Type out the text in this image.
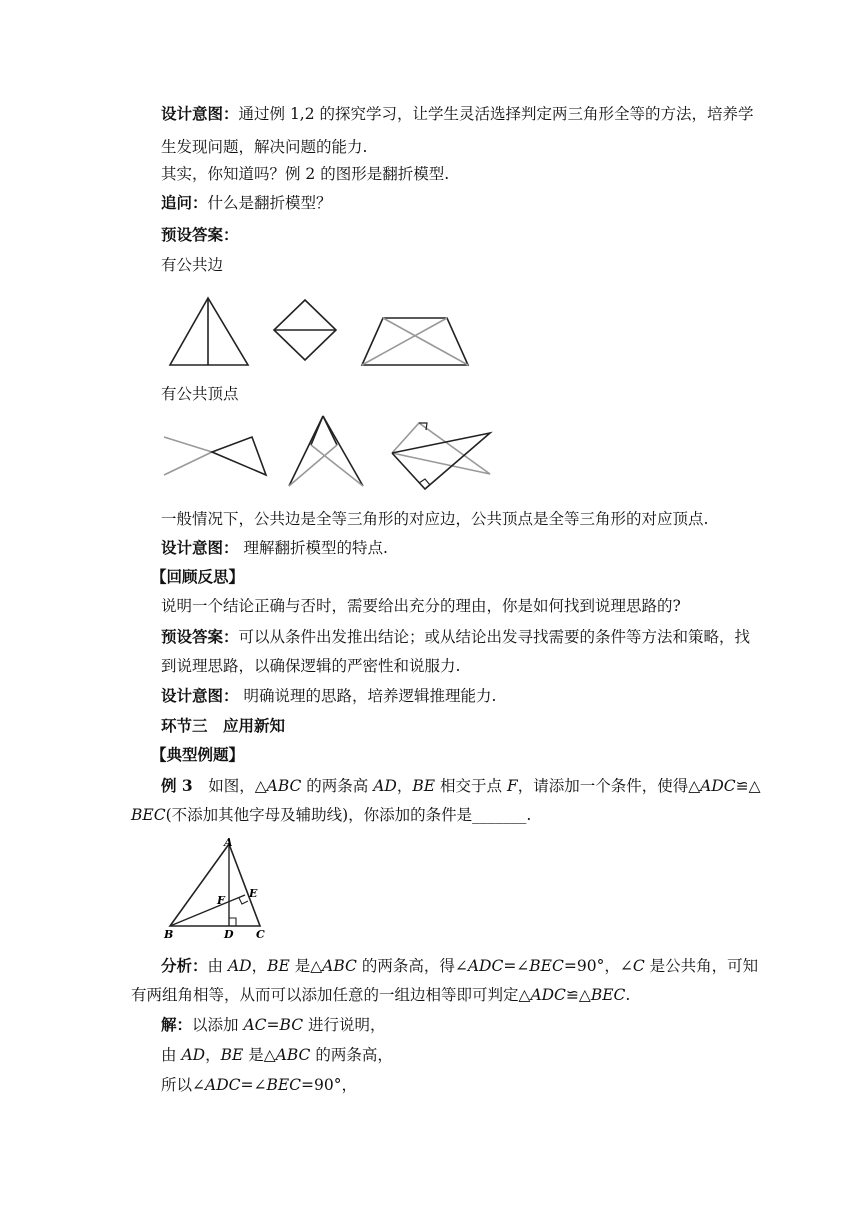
设计意图：通过例 1,2 的探究学习，让学生灵活选择判定两三角形全等的方法，培养学
生发现问题，解决问题的能力.
其实，你知道吗？例 2 的图形是翻折模型.
追问：什么是翻折模型？
预设答案：
有公共边
有公共顶点
一般情况下，公共边是全等三角形的对应边，公共顶点是全等三角形的对应顶点.
设计意图： 理解翻折模型的特点.
【回顾反思】
说明一个结论正确与否时，需要给出充分的理由，你是如何找到说理思路的?
预设答案：可以从条件出发推出结论；或从结论出发寻找需要的条件等方法和策略，找
到说理思路，以确保逻辑的严密性和说服力.
设计意图： 明确说理的思路，培养逻辑推理能力.
环节三　应用新知
【典型例题】
例 3　 如图，△ABC 的两条高 AD，BE 相交于点 F，请添加一个条件，使得△ADC≌△
BEC(不添加其他字母及辅助线)，你添加的条件是_______.
A
B	C
D
E
F
分析：由 AD，BE 是△ABC 的两条高，得∠ADC=∠BEC=90°，∠C 是公共角，可知
有两组角相等，从而可以添加任意的一组边相等即可判定△ADC≌△BEC.
解：以添加 AC=BC 进行说明，
由 AD，BE 是△ABC 的两条高，
所以∠ADC=∠BEC=90°，
